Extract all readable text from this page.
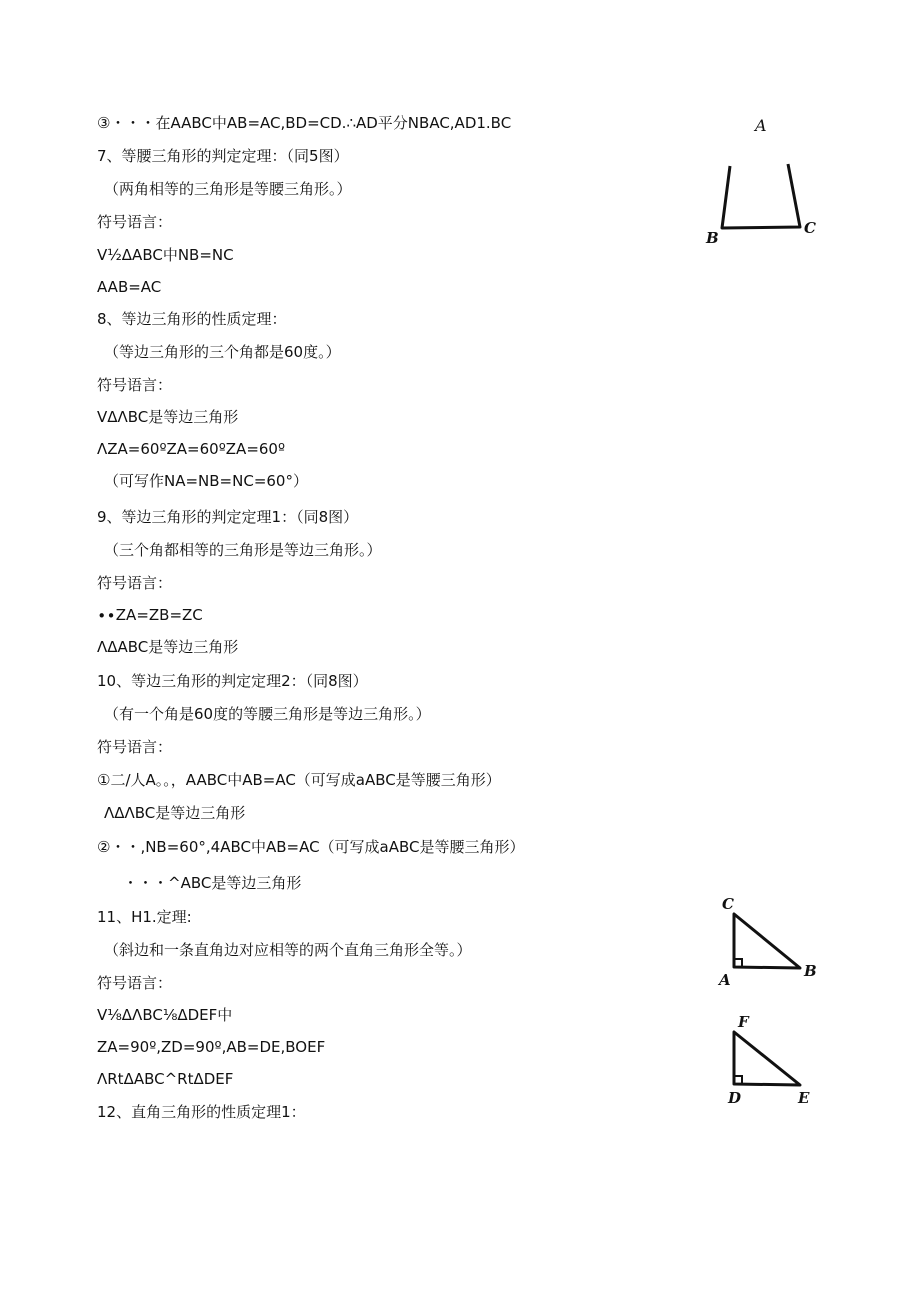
③・・・在AABC中AB=AC,BD=CD.∴AD平分NBAC,AD1.BC
7、等腰三角形的判定定理：（同5图）
（两角相等的三角形是等腰三角形。）
符号语言：
V½ΔABC中NB=NC
AAB=AC
8、等边三角形的性质定理：
（等边三角形的三个角都是60度。）
符号语言：
VΔΛBC是等边三角形
ΛZA=60ºZA=60ºZA=60º
（可写作NA=NB=NC=60°）
9、等边三角形的判定定理1：（同8图）
（三个角都相等的三角形是等边三角形。）
符号语言：
∙∙ZA=ZB=ZC
ΛΔABC是等边三角形
10、等边三角形的判定定理2：（同8图）
（有一个角是60度的等腰三角形是等边三角形。）
符号语言：
①二/人A。。，AABC中AB=AC（可写成aABC是等腰三角形）
ΛΔΛBC是等边三角形
②・・,NB=60°,4ABC中AB=AC（可写成aABC是等腰三角形）
・・・^ABC是等边三角形
11、H1.定理:
（斜边和一条直角边对应相等的两个直角三角形全等。）
符号语言：
V⅛ΔΛBC⅛ΔDEF中
ZA=90º,ZD=90º,AB=DE,BOEF
ΛRtΔABC^RtΔDEF
12、直角三角形的性质定理1：
A
B
C
C
A	B
F
D	E
